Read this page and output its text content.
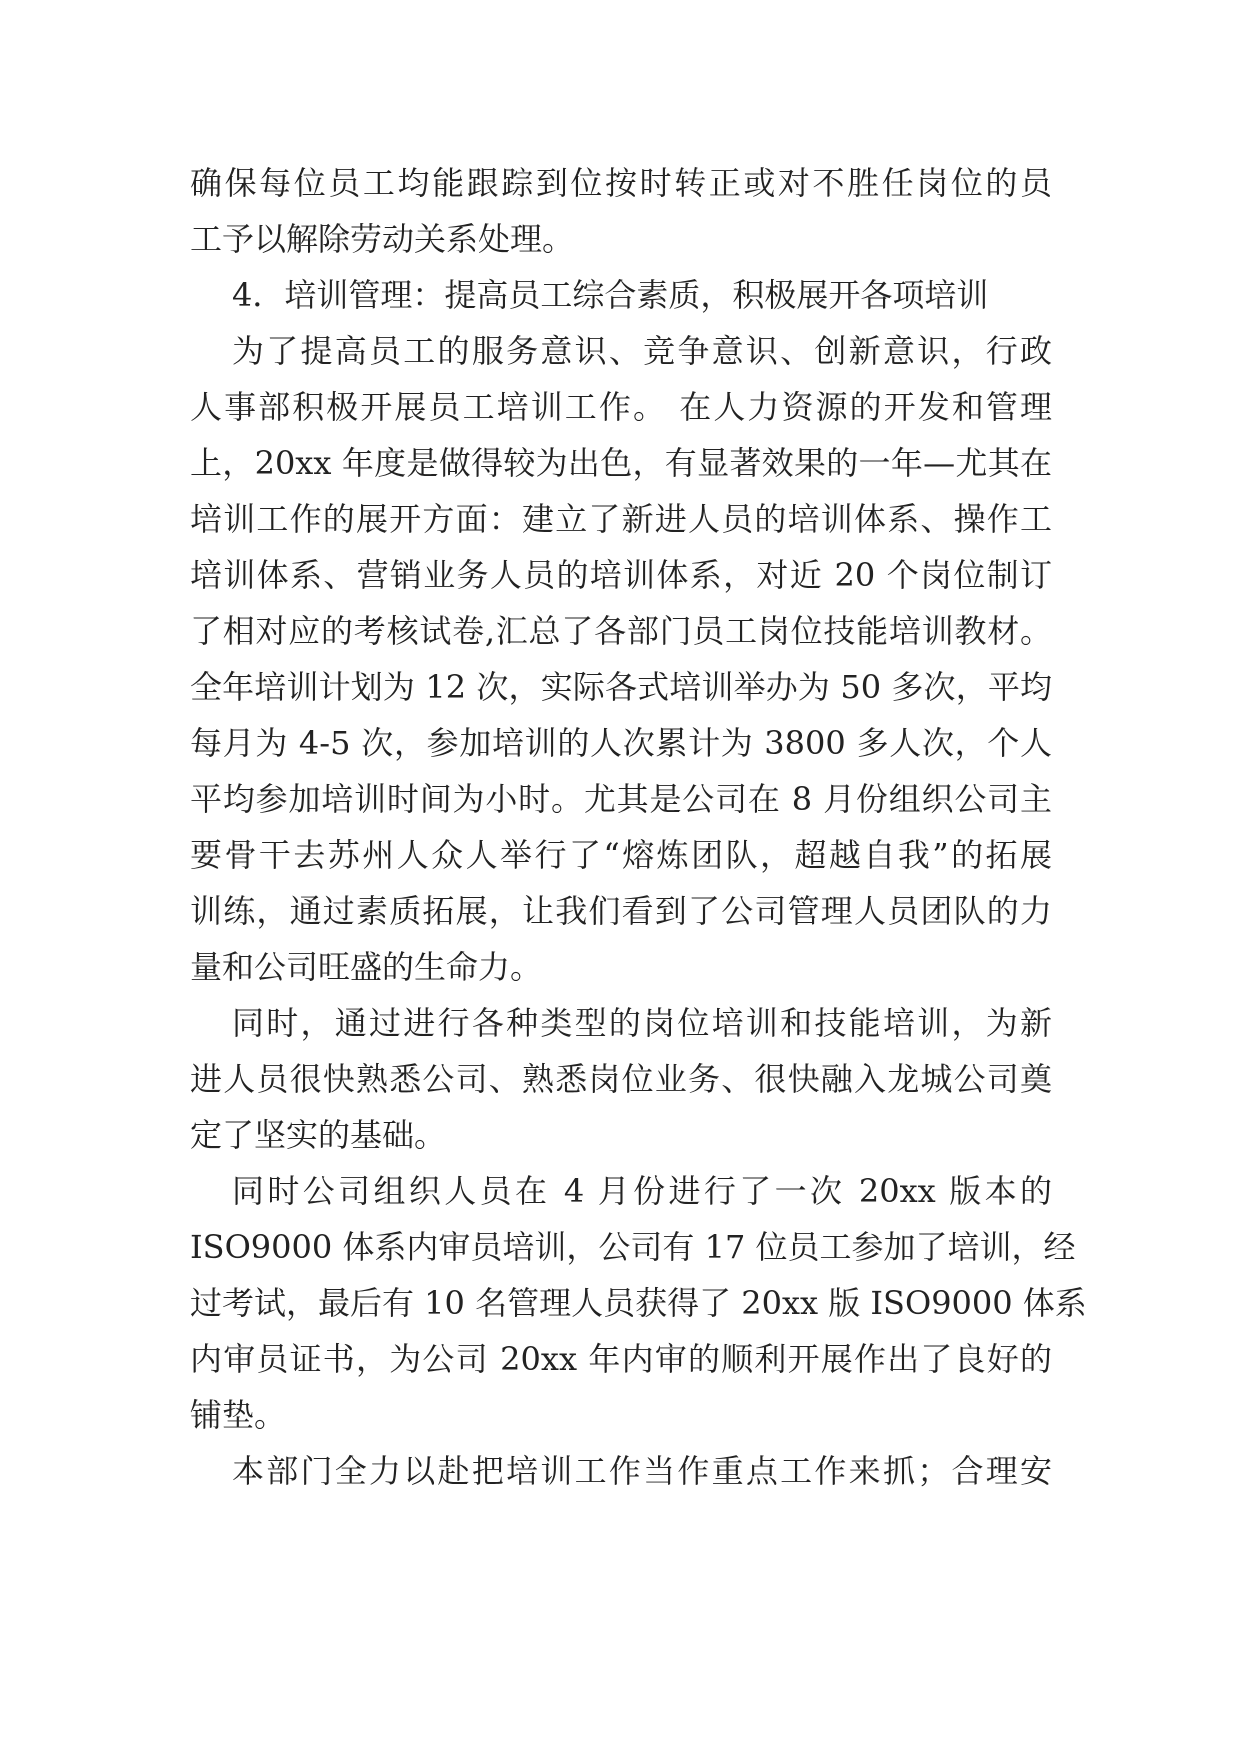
确保每位员工均能跟踪到位按时转正或对不胜任岗位的员
工予以解除劳动关系处理。
4．培训管理：提高员工综合素质，积极展开各项培训
为了提高员工的服务意识、竞争意识、创新意识，行政
人事部积极开展员工培训工作。 在人力资源的开发和管理
上，20xx 年度是做得较为出色，有显著效果的一年—尤其在
培训工作的展开方面：建立了新进人员的培训体系、操作工
培训体系、营销业务人员的培训体系，对近 20 个岗位制订
了相对应的考核试卷,汇总了各部门员工岗位技能培训教材。
全年培训计划为 12 次，实际各式培训举办为 50 多次，平均
每月为 4-5 次，参加培训的人次累计为 3800 多人次，个人
平均参加培训时间为小时。尤其是公司在 8 月份组织公司主
要骨干去苏州人众人举行了“熔炼团队，超越自我”的拓展
训练，通过素质拓展，让我们看到了公司管理人员团队的力
量和公司旺盛的生命力。
同时，通过进行各种类型的岗位培训和技能培训，为新
进人员很快熟悉公司、熟悉岗位业务、很快融入龙城公司奠
定了坚实的基础。
同时公司组织人员在 4 月份进行了一次 20xx 版本的
ISO9000 体系内审员培训，公司有 17 位员工参加了培训，经
过考试，最后有 10 名管理人员获得了 20xx 版 ISO9000 体系
内审员证书，为公司 20xx 年内审的顺利开展作出了良好的
铺垫。
本部门全力以赴把培训工作当作重点工作来抓；合理安
